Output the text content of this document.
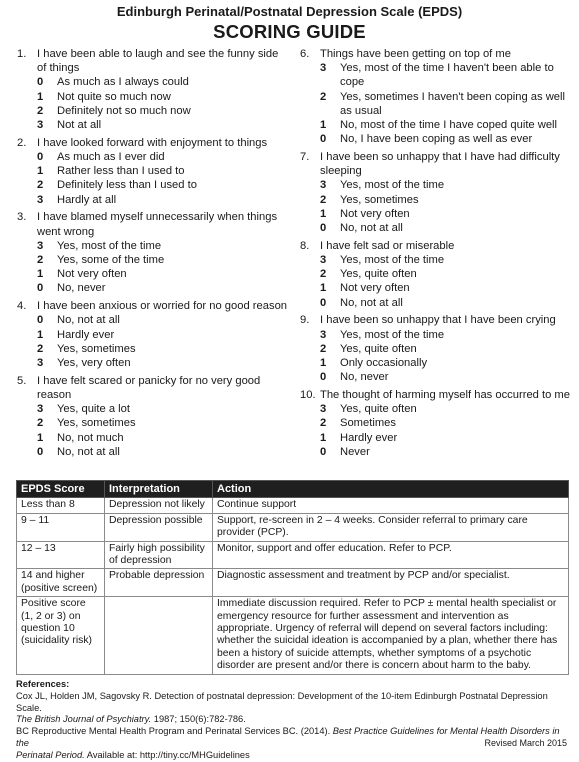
Edinburgh Perinatal/Postnatal Depression Scale (EPDS)
SCORING GUIDE
1. I have been able to laugh and see the funny side of things
0	As much as I always could
1	Not quite so much now
2	Definitely not so much now
3	Not at all
2. I have looked forward with enjoyment to things
0	As much as I ever did
1	Rather less than I used to
2	Definitely less than I used to
3	Hardly at all
3. I have blamed myself unnecessarily when things went wrong
3	Yes, most of the time
2	Yes, some of the time
1	Not very often
0	No, never
4. I have been anxious or worried for no good reason
0	No, not at all
1	Hardly ever
2	Yes, sometimes
3	Yes, very often
5. I have felt scared or panicky for no very good reason
3	Yes, quite a lot
2	Yes, sometimes
1	No, not much
0	No, not at all
6. Things have been getting on top of me
3	Yes, most of the time I haven't been able to cope
2	Yes, sometimes I haven't been coping as well as usual
1	No, most of the time I have coped quite well
0	No, I have been coping as well as ever
7. I have been so unhappy that I have had difficulty sleeping
3	Yes, most of the time
2	Yes, sometimes
1	Not very often
0	No, not at all
8. I have felt sad or miserable
3	Yes, most of the time
2	Yes, quite often
1	Not very often
0	No, not at all
9. I have been so unhappy that I have been crying
3	Yes, most of the time
2	Yes, quite often
1	Only occasionally
0	No, never
10. The thought of harming myself has occurred to me
3	Yes, quite often
2	Sometimes
1	Hardly ever
0	Never
EPDS Score	Interpretation	Action
Less than 8	Depression not likely	Continue support
9 – 11	Depression possible	Support, re-screen in 2 – 4 weeks. Consider referral to primary care provider (PCP).
12 – 13	Fairly high possibility of depression	Monitor, support and offer education. Refer to PCP.
14 and higher (positive screen)	Probable depression	Diagnostic assessment and treatment by PCP and/or specialist.
Positive score (1, 2 or 3) on question 10 (suicidality risk)		Immediate discussion required. Refer to PCP ± mental health specialist or emergency resource for further assessment and intervention as appropriate. Urgency of referral will depend on several factors including: whether the suicidal ideation is accompanied by a plan, whether there has been a history of suicide attempts, whether symptoms of a psychotic disorder are present and/or there is concern about harm to the baby.
References:
Cox JL, Holden JM, Sagovsky R. Detection of postnatal depression: Development of the 10-item Edinburgh Postnatal Depression Scale.
The British Journal of Psychiatry. 1987; 150(6):782-786.
BC Reproductive Mental Health Program and Perinatal Services BC. (2014). Best Practice Guidelines for Mental Health Disorders in the
Perinatal Period. Available at: http://tiny.cc/MHGuidelines
Revised March 2015
